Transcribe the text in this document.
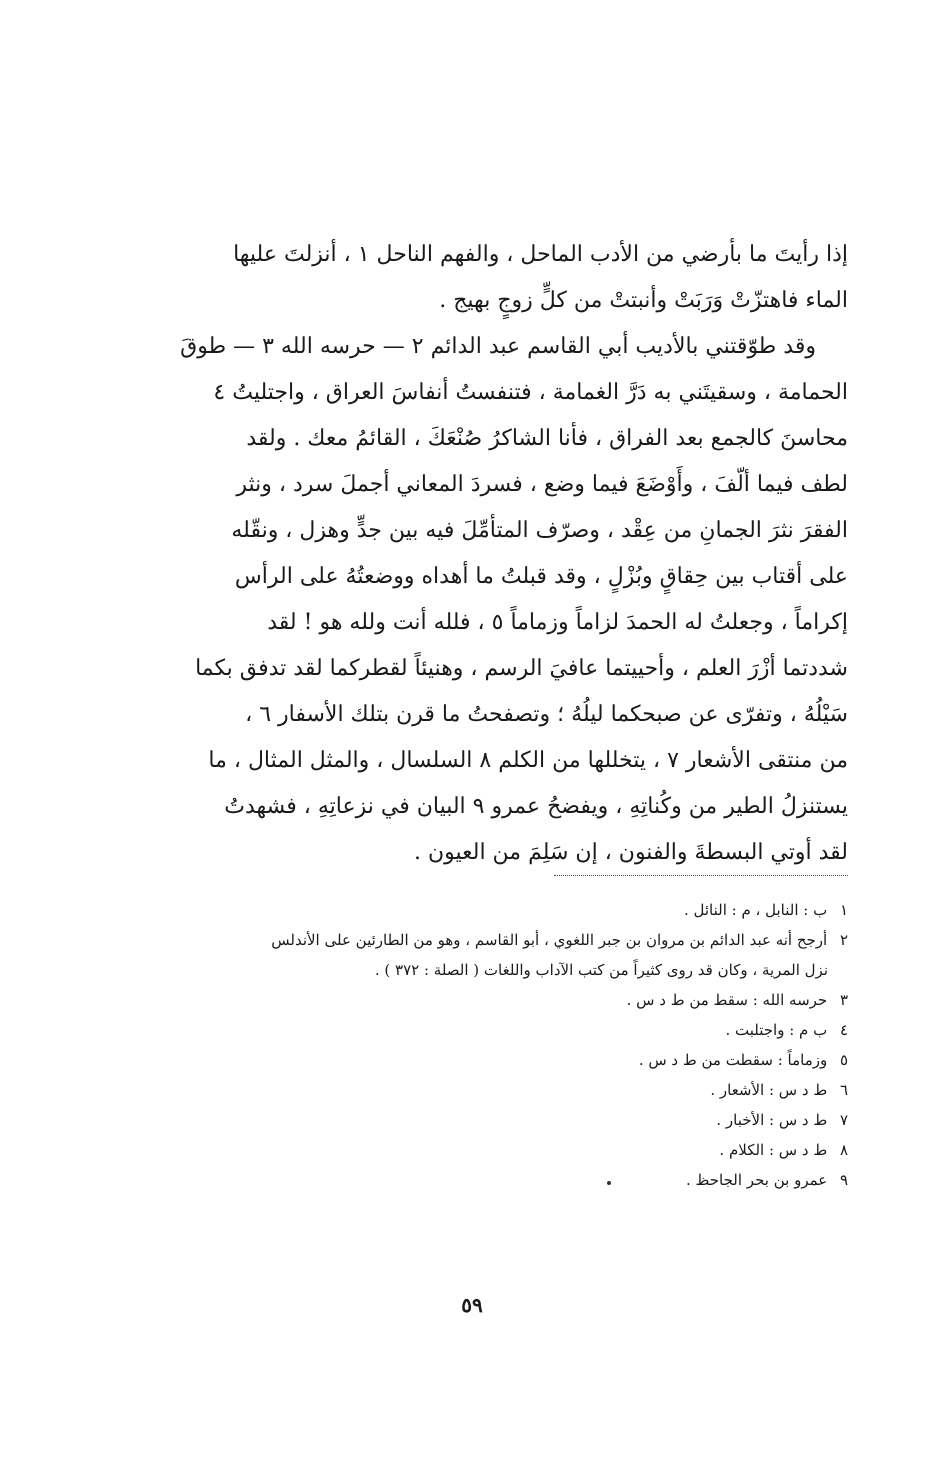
إذا رأيتَ ما بأرضي من الأدب الماحل ، والفهم الناحل ١ ، أنزلتَ عليها
الماء فاهتزّتْ وَرَبَتْ وأنبتتْ من كلٍّ زوجٍ بهيج .
وقد طوّقتني بالأديب أبي القاسم عبد الدائم ٢ — حرسه الله ٣ — طوقَ
الحمامة ، وسقيتَني به دَرَّ الغمامة ، فتنفستُ أنفاسَ العراق ، واجتليتُ ٤
محاسنَ كالجمع بعد الفراق ، فأنا الشاكرُ صُنْعَكَ ، القائمُ معك . ولقد
لطف فيما ألّفَ ، وأَوْضَعَ فيما وضع ، فسردَ المعاني أجملَ سرد ، ونثر
الفقرَ نثرَ الجمانِ من عِقْد ، وصرّف المتأمِّلَ فيه بين جدٍّ وهزل ، ونقّله
على أقتاب بين حِقاقٍ وبُزْلٍ ، وقد قبلتُ ما أهداه ووضعتُهُ على الرأس
إكراماً ، وجعلتُ له الحمدَ لزاماً وزماماً ٥ ، فلله أنت ولله هو ! لقد
شددتما أزْرَ العلم ، وأحييتما عافيَ الرسم ، وهنيئاً لقطركما لقد تدفق بكما
سَيْلُهُ ، وتفرّى عن صبحكما ليلُهُ ؛ وتصفحتُ ما قرن بتلك الأسفار ٦ ،
من منتقى الأشعار ٧ ، يتخللها من الكلم ٨ السلسال ، والمثل المثال ، ما
يستنزلُ الطير من وكُناتِهِ ، ويفضحُ عمرو ٩ البيان في نزعاتِهِ ، فشهدتُ
لقد أوتي البسطةَ والفنون ، إن سَلِمَ من العيون .
١ ب : النابل ، م : النائل .
٢ أرجح أنه عبد الدائم بن مروان بن جبر اللغوي ، أبو القاسم ، وهو من الطارئين على الأندلس
نزل المرية ، وكان قد روى كثيراً من كتب الآداب واللغات ( الصلة : ٣٧٢ ) .
٣ حرسه الله : سقط من ط د س .
٤ ب م : واجتلبت .
٥ وزماماً : سقطت من ط د س .
٦ ط د س : الأشعار .
٧ ط د س : الأخبار .
٨ ط د س : الكلام .
٩ عمرو بن بحر الجاحظ .
٥٩
